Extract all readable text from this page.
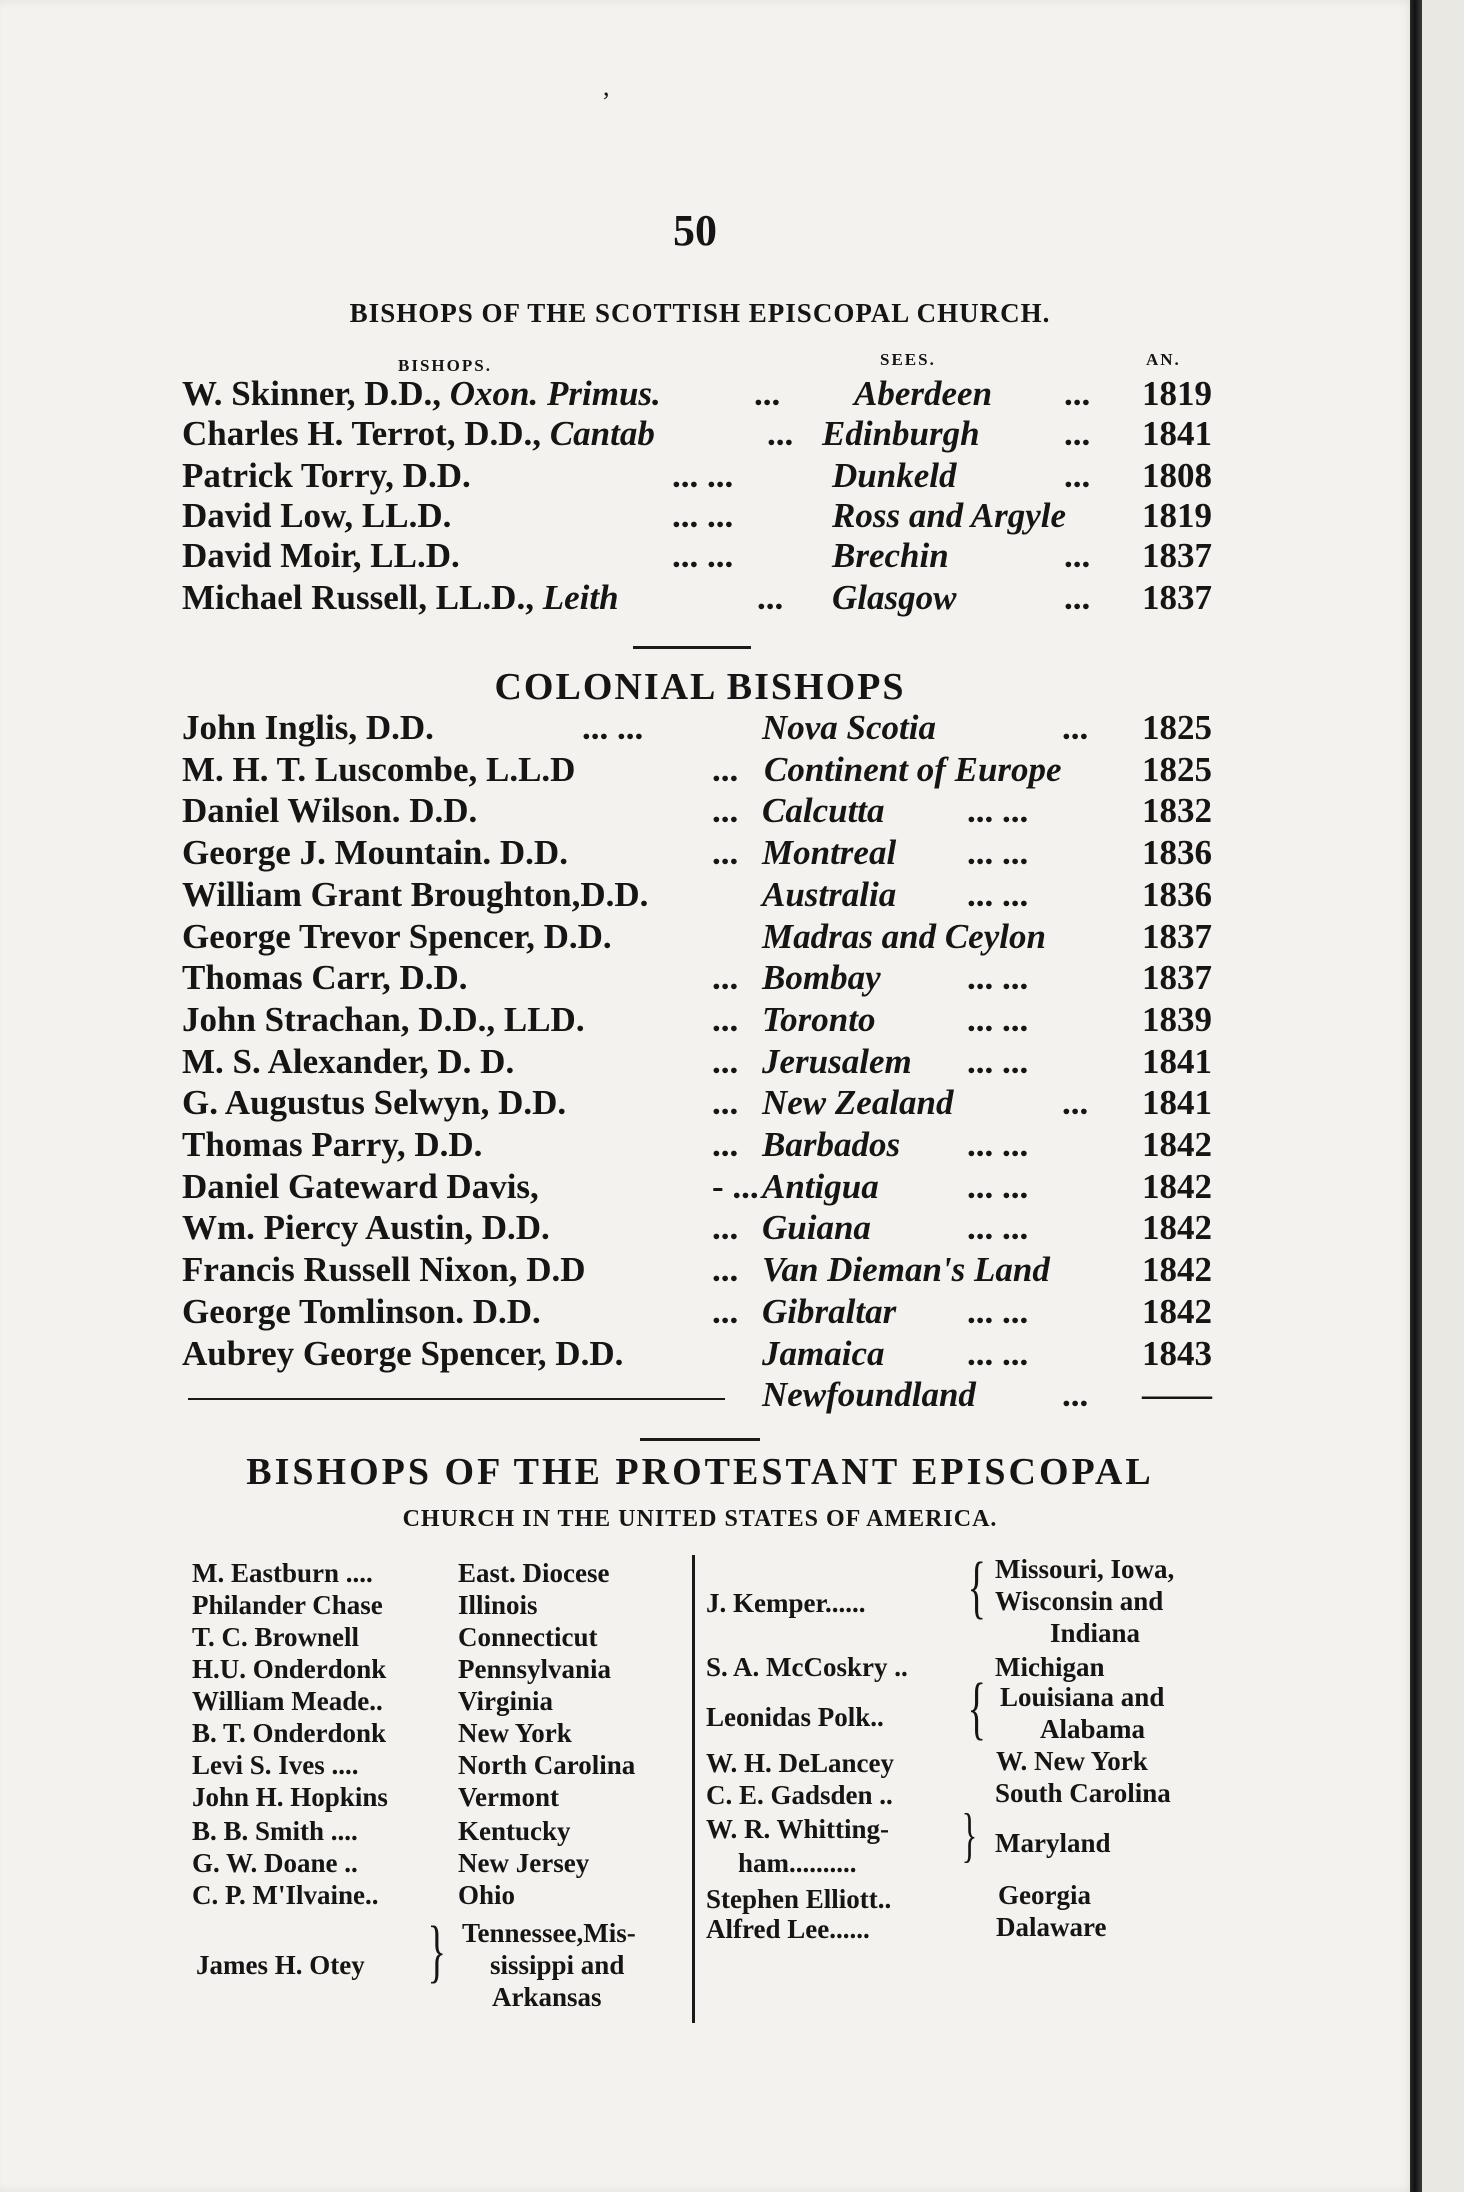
,
50
BISHOPS OF THE SCOTTISH EPISCOPAL CHURCH.
BISHOPS.	SEES.	AN.
W. Skinner, D.D., Oxon. Primus.	... Aberdeen ... 1819
Charles H. Terrot, D.D., Cantab	... Edinburgh ... 1841
Patrick Torry, D.D.	... ...	Dunkeld	... 1808
David Low, LL.D.	... ...	Ross and Argyle 1819
David Moir, LL.D.	... ...	Brechin	... 1837
Michael Russell, LL.D., Leith	... Glasgow	... 1837
COLONIAL BISHOPS
John Inglis, D.D.	... ...	Nova Scotia	... 1825
M. H. T. Luscombe, L.L.D	... Continent of Europe 1825
Daniel Wilson. D.D.	... Calcutta ... ...	1832
George J. Mountain. D.D.	... Montreal ... ...	1836
William Grant Broughton,D.D.	Australia ... ...	1836
George Trevor Spencer, D.D.	Madras and Ceylon	1837
Thomas Carr, D.D.	... Bombay ... ...	1837
John Strachan, D.D., LLD.	... Toronto	... ...	1839
M. S. Alexander, D. D.	... Jerusalem ... ...	1841
G. Augustus Selwyn, D.D.	... New Zealand	... 1841
Thomas Parry, D.D.	... Barbados ... ...	1842
Daniel Gateward Davis,	- ... Antigua	... ...	1842
Wm. Piercy Austin, D.D.	... Guiana	... ...	1842
Francis Russell Nixon, D.D	... Van Dieman's Land	1842
George Tomlinson. D.D.	... Gibraltar ... ...	1842
Aubrey George Spencer, D.D.	Jamaica ... ...	1843
Newfoundland ... ——
BISHOPS OF THE PROTESTANT EPISCOPAL
CHURCH IN THE UNITED STATES OF AMERICA.
M. Eastburn ....	East. Diocese
Philander Chase	Illinois
T. C. Brownell	Connecticut
H.U. Onderdonk	Pennsylvania
William Meade..	Virginia
B. T. Onderdonk	New York
Levi S. Ives ....	North Carolina
John H. Hopkins	Vermont
B. B. Smith ....	Kentucky
G. W. Doane ..	New Jersey
C. P. M'Ilvaine..	Ohio
James H. Otey } Tennessee,Mis-
sissippi and
Arkansas
J. Kemper...... { Missouri, Iowa,
Wisconsin and
Indiana
S. A. McCoskry ..	Michigan
Leonidas Polk.. { Louisiana and
Alabama
W. H. DeLancey	W. New York
C. E. Gadsden ..	South Carolina
W. R. Whitting-
ham.......... } Maryland
Stephen Elliott..	Georgia
Alfred Lee......	Dalaware
